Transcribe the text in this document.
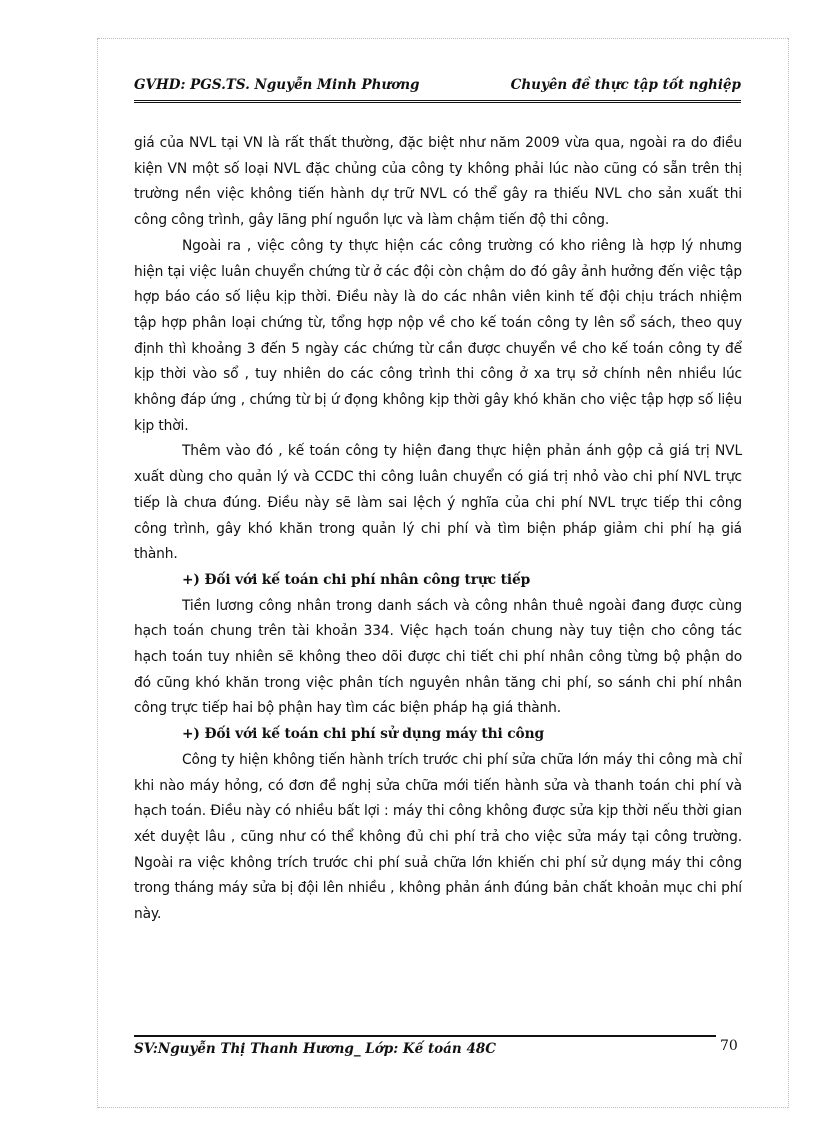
GVHD: PGS.TS. Nguyễn Minh Phương	Chuyên đề thực tập tốt nghiệp

giá của NVL tại VN là rất thất thường, đặc biệt như năm 2009 vừa qua, ngoài ra do điều kiện VN một số loại NVL đặc chủng của công ty không phải lúc nào cũng có sẵn trên thị trường nền việc không tiến hành dự trữ NVL có thể gây ra thiếu NVL cho sản xuất thi công công trình, gây lãng phí nguồn lực và làm chậm tiến độ thi công.

Ngoài ra , việc công ty thực hiện các công trường có kho riêng là hợp lý nhưng hiện tại việc luân chuyển chứng từ ở các đội còn chậm do đó gây ảnh hưởng đến việc tập hợp báo cáo số liệu kịp thời. Điều này là do các nhân viên kinh tế đội chịu trách nhiệm tập hợp phân loại chứng từ, tổng hợp nộp về cho kế toán công ty lên sổ sách, theo quy định thì khoảng 3 đến 5 ngày các chứng từ cần được chuyển về cho kế toán công ty để kịp thời vào sổ , tuy nhiên do các công trình thi công ở xa trụ sở chính nên nhiều lúc không đáp ứng , chứng từ bị ứ đọng không kịp thời gây khó khăn cho việc tập hợp số liệu kịp thời.

Thêm vào đó , kế toán công ty hiện đang thực hiện phản ánh gộp cả giá trị NVL xuất dùng cho quản lý và CCDC thi công luân chuyển có giá trị nhỏ vào chi phí NVL trực tiếp là chưa đúng. Điều này sẽ làm sai lệch ý nghĩa của chi phí NVL trực tiếp thi công công trình, gây khó khăn trong quản lý chi phí và tìm biện pháp giảm chi phí hạ giá thành.

+) Đối với kế toán chi phí nhân công trực tiếp

Tiền lương công nhân trong danh sách và công nhân thuê ngoài đang được cùng hạch toán chung trên tài khoản 334. Việc hạch toán chung này tuy tiện cho công tác hạch toán tuy nhiên sẽ không theo dõi được chi tiết chi phí nhân công từng bộ phận do đó cũng khó khăn trong việc phân tích nguyên nhân tăng chi phí, so sánh chi phí nhân công trực tiếp hai bộ phận hay tìm các biện pháp hạ giá thành.

+) Đối với kế toán chi phí sử dụng máy thi công

Công ty hiện không tiến hành trích trước chi phí sửa chữa lớn máy thi công mà chỉ khi nào máy hỏng, có đơn đề nghị sửa chữa mới tiến hành sửa và thanh toán chi phí và hạch toán. Điều này có nhiều bất lợi : máy thi công không được sửa kịp thời nếu thời gian xét duyệt lâu , cũng như có thể không đủ chi phí trả cho việc sửa máy tại công trường. Ngoài ra việc không trích trước chi phí suả chữa lớn khiến chi phí sử dụng máy thi công trong tháng máy sửa bị đội lên nhiều , không phản ánh đúng bản chất khoản mục chi phí này.

SV:Nguyễn Thị Thanh Hương_ Lớp: Kế toán 48C	70
